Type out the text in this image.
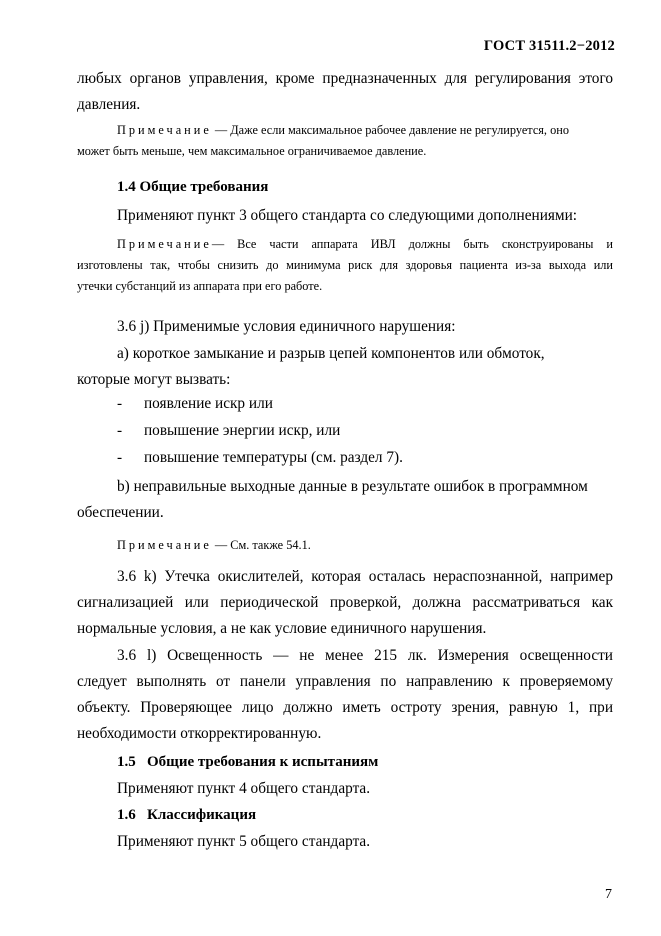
ГОСТ 31511.2−2012
любых органов управления, кроме предназначенных для регулирования этого
давления.
Примечание — Даже если максимальное рабочее давление не регулируется, оно
может быть меньше, чем максимальное ограничиваемое давление.
1.4 Общие требования
Применяют пункт 3 общего стандарта со следующими дополнениями:
Примечание — Все части аппарата ИВЛ должны быть сконструированы и
изготовлены так, чтобы снизить до минимума риск для здоровья пациента из-за выхода или
утечки субстанций из аппарата при его работе.
3.6 j) Применимые условия единичного нарушения:
a) короткое замыкание и разрыв цепей компонентов или обмоток,
которые могут вызвать:
- появление искр или
- повышение энергии искр, или
- повышение температуры (см. раздел 7).
b) неправильные выходные данные в результате ошибок в программном
обеспечении.
Примечание — См. также 54.1.
3.6 k) Утечка окислителей, которая осталась нераспознанной, например
сигнализацией или периодической проверкой, должна рассматриваться как
нормальные условия, а не как условие единичного нарушения.
3.6 l) Освещенность — не менее 215 лк. Измерения освещенности
следует выполнять от панели управления по направлению к проверяемому
объекту. Проверяющее лицо должно иметь остроту зрения, равную 1, при
необходимости откорректированную.
1.5   Общие требования к испытаниям
Применяют пункт 4 общего стандарта.
1.6   Классификация
Применяют пункт 5 общего стандарта.
7
